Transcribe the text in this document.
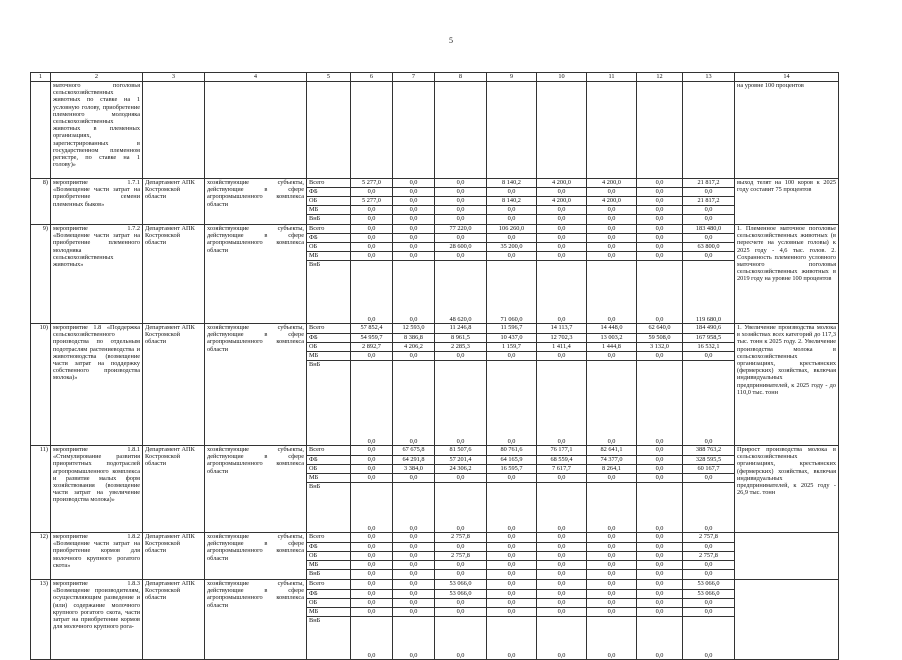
5
1	2	3	4	5	6	7	8	9	10	11	12	13	14
	маточного поголовья сельскохозяйственных животных по ставке на 1 условную голову, приобретение племенного молодняка сельскохозяйственных животных в племенных организациях, зарегистрированных в государственном племенном регистре, по ставке на 1 голову)»												на уровне 100 процентов
8)	мероприятие 1.7.1 «Возмещение части затрат на приобретение семени племенных быков»	Департамент АПК Костромской области	хозяйствующие субъекты, действующие в сфере агропромышленного комплекса области	Всего	5 277,0	0,0	0,0	8 140,2	4 200,0	4 200,0	0,0	21 817,2	выход телят на 100 коров к 2025 году составит 75 процентов
				ФБ	0,0	0,0	0,0	0,0	0,0	0,0	0,0	0,0	
				ОБ	5 277,0	0,0	0,0	8 140,2	4 200,0	4 200,0	0,0	21 817,2	
				МБ	0,0	0,0	0,0	0,0	0,0	0,0	0,0	0,0	
				ВнБ	0,0	0,0	0,0	0,0	0,0	0,0	0,0	0,0	
9)	мероприятие 1.7.2 «Возмещение части затрат на приобретение племенного молодняка сельскохозяйственных животных»	Департамент АПК Костромской области	хозяйствующие субъекты, действующие в сфере агропромышленного комплекса области	Всего	0,0	0,0	77 220,0	106 260,0	0,0	0,0	0,0	183 480,0	1. Племенное маточное поголовье сельскохозяйственных животных (в пересчете на условные головы) к 2025 году - 4,6 тыс. голов. 2. Сохранность племенного условного маточного поголовья сельскохозяйственных животных в 2019 году на уровне 100 процентов
				ФБ	0,0	0,0	0,0	0,0	0,0	0,0	0,0	0,0	
				ОБ	0,0	0,0	28 600,0	35 200,0	0,0	0,0	0,0	63 800,0	
				МБ	0,0	0,0	0,0	0,0	0,0	0,0	0,0	0,0	
				ВнБ	0,0	0,0	48 620,0	71 060,0	0,0	0,0	0,0	119 680,0	
10)	мероприятие 1.8 «Поддержка сельскохозяйственного производства по отдельным подотраслям растениеводства и животноводства (возмещение части затрат на поддержку собственного производства молока)»	Департамент АПК Костромской области	хозяйствующие субъекты, действующие в сфере агропромышленного комплекса области	Всего	57 852,4	12 593,0	11 246,8	11 596,7	14 113,7	14 448,0	62 640,0	184 490,6	1. Увеличение производства молока в хозяйствах всех категорий до 117,3 тыс. тонн к 2025 году. 2. Увеличение производства молока в сельскохозяйственных организациях, крестьянских (фермерских) хозяйствах, включая индивидуальных предпринимателей, к 2025 году - до 110,0 тыс. тонн
				ФБ	54 959,7	8 386,8	8 961,5	10 437,0	12 702,3	13 003,2	59 508,0	167 958,5	
				ОБ	2 892,7	4 206,2	2 285,3	1 159,7	1 411,4	1 444,8	3 132,0	16 532,1	
				МБ	0,0	0,0	0,0	0,0	0,0	0,0	0,0	0,0	
				ВнБ	0,0	0,0	0,0	0,0	0,0	0,0	0,0	0,0	
11)	мероприятие 1.8.1 «Стимулирование развития приоритетных подотраслей агропромышленного комплекса и развитие малых форм хозяйствования (возмещение части затрат на увеличение производства молока)»	Департамент АПК Костромской области	хозяйствующие субъекты, действующие в сфере агропромышленного комплекса области	Всего	0,0	67 675,8	81 507,6	80 761,6	76 177,1	82 641,1	0,0	388 763,2	Прирост производства молока в сельскохозяйственных организациях, крестьянских (фермерских) хозяйствах, включая индивидуальных предпринимателей, к 2025 году - 26,9 тыс. тонн
				ФБ	0,0	64 291,8	57 201,4	64 165,9	68 559,4	74 377,0	0,0	328 595,5	
				ОБ	0,0	3 384,0	24 306,2	16 595,7	7 617,7	8 264,1	0,0	60 167,7	
				МБ	0,0	0,0	0,0	0,0	0,0	0,0	0,0	0,0	
				ВнБ	0,0	0,0	0,0	0,0	0,0	0,0	0,0	0,0	
12)	мероприятие 1.8.2 «Возмещение части затрат на приобретение кормов для молочного крупного рогатого скота»	Департамент АПК Костромской области	хозяйствующие субъекты, действующие в сфере агропромышленного комплекса области	Всего	0,0	0,0	2 757,8	0,0	0,0	0,0	0,0	2 757,8	
				ФБ	0,0	0,0	0,0	0,0	0,0	0,0	0,0	0,0	
				ОБ	0,0	0,0	2 757,8	0,0	0,0	0,0	0,0	2 757,8	
				МБ	0,0	0,0	0,0	0,0	0,0	0,0	0,0	0,0	
				ВнБ	0,0	0,0	0,0	0,0	0,0	0,0	0,0	0,0	
13)	мероприятие 1.8.3 «Возмещение производителям, осуществляющим разведение и (или) содержание молочного крупного рогатого скота, части затрат на приобретение кормов для молочного крупного рога-	Департамент АПК Костромской области	хозяйствующие субъекты, действующие в сфере агропромышленного комплекса области	Всего	0,0	0,0	53 066,0	0,0	0,0	0,0	0,0	53 066,0	
				ФБ	0,0	0,0	53 066,0	0,0	0,0	0,0	0,0	53 066,0	
				ОБ	0,0	0,0	0,0	0,0	0,0	0,0	0,0	0,0	
				МБ	0,0	0,0	0,0	0,0	0,0	0,0	0,0	0,0	
				ВнБ	0,0	0,0	0,0	0,0	0,0	0,0	0,0	0,0	
